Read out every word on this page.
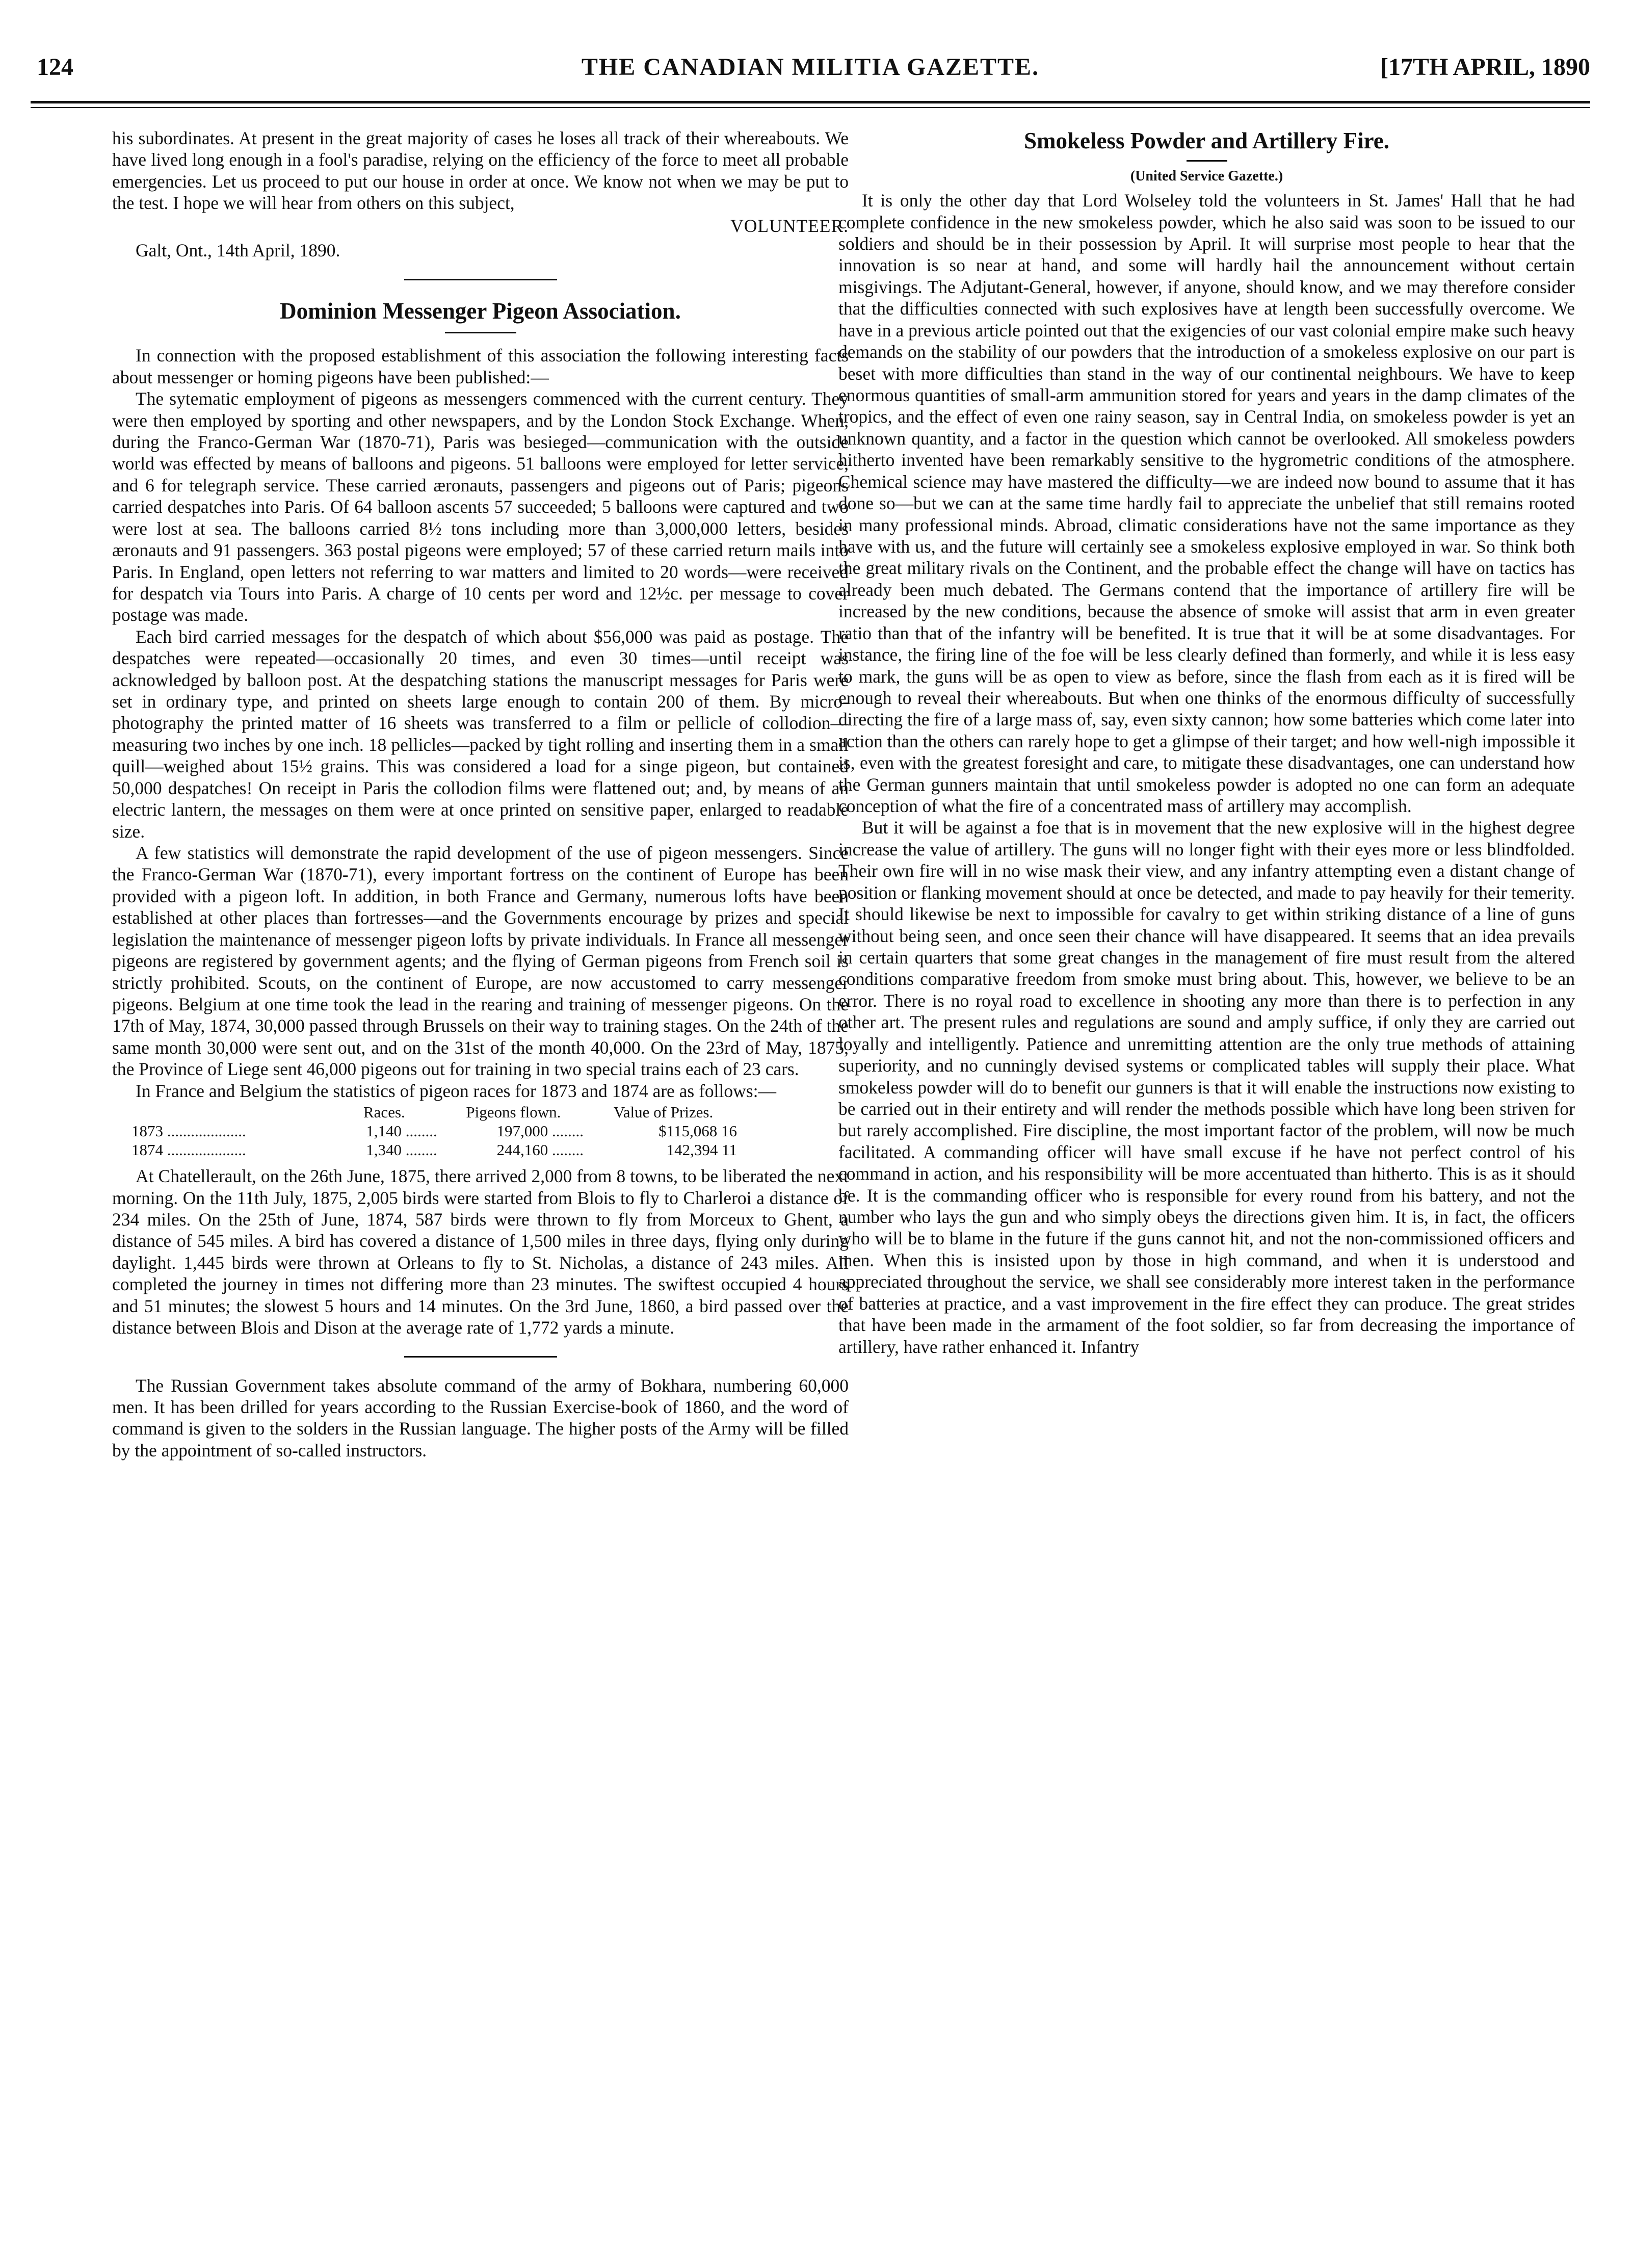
124	THE CANADIAN MILITIA GAZETTE.	[17TH APRIL, 1890

his subordinates. At present in the great majority of cases he loses all track of their whereabouts. We have lived long enough in a fool's paradise, relying on the efficiency of the force to meet all probable emergencies. Let us proceed to put our house in order at once. We know not when we may be put to the test. I hope we will hear from others on this subject,

VOLUNTEER.
Galt, Ont., 14th April, 1890.
Dominion Messenger Pigeon Association.

In connection with the proposed establishment of this association the following interesting facts about messenger or homing pigeons have been published:—

The sytematic employment of pigeons as messengers commenced with the current century. They were then employed by sporting and other newspapers, and by the London Stock Exchange. When, during the Franco-German War (1870-71), Paris was besieged—communication with the outside world was effected by means of balloons and pigeons. 51 balloons were employed for letter service, and 6 for telegraph service. These carried æronauts, passengers and pigeons out of Paris; pigeons carried despatches into Paris. Of 64 balloon ascents 57 succeeded; 5 balloons were captured and two were lost at sea. The balloons carried 8½ tons including more than 3,000,000 letters, besides æronauts and 91 passengers. 363 postal pigeons were employed; 57 of these carried return mails into Paris. In England, open letters not referring to war matters and limited to 20 words—were received for despatch via Tours into Paris. A charge of 10 cents per word and 12½c. per message to cover postage was made.

Each bird carried messages for the despatch of which about $56,000 was paid as postage. The despatches were repeated—occasionally 20 times, and even 30 times—until receipt was acknowledged by balloon post. At the despatching stations the manuscript messages for Paris were set in ordinary type, and printed on sheets large enough to contain 200 of them. By micro-photography the printed matter of 16 sheets was transferred to a film or pellicle of collodion—measuring two inches by one inch. 18 pellicles—packed by tight rolling and inserting them in a small quill—weighed about 15½ grains. This was considered a load for a singe pigeon, but contained 50,000 despatches! On receipt in Paris the collodion films were flattened out; and, by means of an electric lantern, the messages on them were at once printed on sensitive paper, enlarged to readable size.

A few statistics will demonstrate the rapid development of the use of pigeon messengers. Since the Franco-German War (1870-71), every important fortress on the continent of Europe has been provided with a pigeon loft. In addition, in both France and Germany, numerous lofts have been established at other places than fortresses—and the Governments encourage by prizes and special legislation the maintenance of messenger pigeon lofts by private individuals. In France all messenger pigeons are registered by government agents; and the flying of German pigeons from French soil is strictly prohibited. Scouts, on the continent of Europe, are now accustomed to carry messenger pigeons. Belgium at one time took the lead in the rearing and training of messenger pigeons. On the 17th of May, 1874, 30,000 passed through Brussels on their way to training stages. On the 24th of the same month 30,000 were sent out, and on the 31st of the month 40,000. On the 23rd of May, 1875, the Province of Liege sent 46,000 pigeons out for training in two special trains each of 23 cars.

In France and Belgium the statistics of pigeon races for 1873 and 1874 are as follows:—

	Races.	Pigeons flown.	Value of Prizes.
1873 ....................	1,140 ........	197,000 ........	$115,068 16
1874 ....................	1,340 ........	244,160 ........	142,394 11

At Chatellerault, on the 26th June, 1875, there arrived 2,000 from 8 towns, to be liberated the next morning. On the 11th July, 1875, 2,005 birds were started from Blois to fly to Charleroi a distance of 234 miles. On the 25th of June, 1874, 587 birds were thrown to fly from Morceux to Ghent, a distance of 545 miles. A bird has covered a distance of 1,500 miles in three days, flying only during daylight. 1,445 birds were thrown at Orleans to fly to St. Nicholas, a distance of 243 miles. All completed the journey in times not differing more than 23 minutes. The swiftest occupied 4 hours and 51 minutes; the slowest 5 hours and 14 minutes. On the 3rd June, 1860, a bird passed over the distance between Blois and Dison at the average rate of 1,772 yards a minute.

The Russian Government takes absolute command of the army of Bokhara, numbering 60,000 men. It has been drilled for years according to the Russian Exercise-book of 1860, and the word of command is given to the solders in the Russian language. The higher posts of the Army will be filled by the appointment of so-called instructors.

Smokeless Powder and Artillery Fire.
(United Service Gazette.)

It is only the other day that Lord Wolseley told the volunteers in St. James' Hall that he had complete confidence in the new smokeless powder, which he also said was soon to be issued to our soldiers and should be in their possession by April. It will surprise most people to hear that the innovation is so near at hand, and some will hardly hail the announcement without certain misgivings. The Adjutant-General, however, if anyone, should know, and we may therefore consider that the difficulties connected with such explosives have at length been successfully overcome. We have in a previous article pointed out that the exigencies of our vast colonial empire make such heavy demands on the stability of our powders that the introduction of a smokeless explosive on our part is beset with more difficulties than stand in the way of our continental neighbours. We have to keep enormous quantities of small-arm ammunition stored for years and years in the damp climates of the tropics, and the effect of even one rainy season, say in Central India, on smokeless powder is yet an unknown quantity, and a factor in the question which cannot be overlooked. All smokeless powders hitherto invented have been remarkably sensitive to the hygrometric conditions of the atmosphere. Chemical science may have mastered the difficulty—we are indeed now bound to assume that it has done so—but we can at the same time hardly fail to appreciate the unbelief that still remains rooted in many professional minds. Abroad, climatic considerations have not the same importance as they have with us, and the future will certainly see a smokeless explosive employed in war. So think both the great military rivals on the Continent, and the probable effect the change will have on tactics has already been much debated. The Germans contend that the importance of artillery fire will be increased by the new conditions, because the absence of smoke will assist that arm in even greater ratio than that of the infantry will be benefited. It is true that it will be at some disadvantages. For instance, the firing line of the foe will be less clearly defined than formerly, and while it is less easy to mark, the guns will be as open to view as before, since the flash from each as it is fired will be enough to reveal their whereabouts. But when one thinks of the enormous difficulty of successfully directing the fire of a large mass of, say, even sixty cannon; how some batteries which come later into action than the others can rarely hope to get a glimpse of their target; and how well-nigh impossible it is, even with the greatest foresight and care, to mitigate these disadvantages, one can understand how the German gunners maintain that until smokeless powder is adopted no one can form an adequate conception of what the fire of a concentrated mass of artillery may accomplish.

But it will be against a foe that is in movement that the new explosive will in the highest degree increase the value of artillery. The guns will no longer fight with their eyes more or less blindfolded. Their own fire will in no wise mask their view, and any infantry attempting even a distant change of position or flanking movement should at once be detected, and made to pay heavily for their temerity. It should likewise be next to impossible for cavalry to get within striking distance of a line of guns without being seen, and once seen their chance will have disappeared. It seems that an idea prevails in certain quarters that some great changes in the management of fire must result from the altered conditions comparative freedom from smoke must bring about. This, however, we believe to be an error. There is no royal road to excellence in shooting any more than there is to perfection in any other art. The present rules and regulations are sound and amply suffice, if only they are carried out loyally and intelligently. Patience and unremitting attention are the only true methods of attaining superiority, and no cunningly devised systems or complicated tables will supply their place. What smokeless powder will do to benefit our gunners is that it will enable the instructions now existing to be carried out in their entirety and will render the methods possible which have long been striven for but rarely accomplished. Fire discipline, the most important factor of the problem, will now be much facilitated. A commanding officer will have small excuse if he have not perfect control of his command in action, and his responsibility will be more accentuated than hitherto. This is as it should be. It is the commanding officer who is responsible for every round from his battery, and not the number who lays the gun and who simply obeys the directions given him. It is, in fact, the officers who will be to blame in the future if the guns cannot hit, and not the non-commissioned officers and men. When this is insisted upon by those in high command, and when it is understood and appreciated throughout the service, we shall see considerably more interest taken in the performance of batteries at practice, and a vast improvement in the fire effect they can produce. The great strides that have been made in the armament of the foot soldier, so far from decreasing the importance of artillery, have rather enhanced it. Infantry
